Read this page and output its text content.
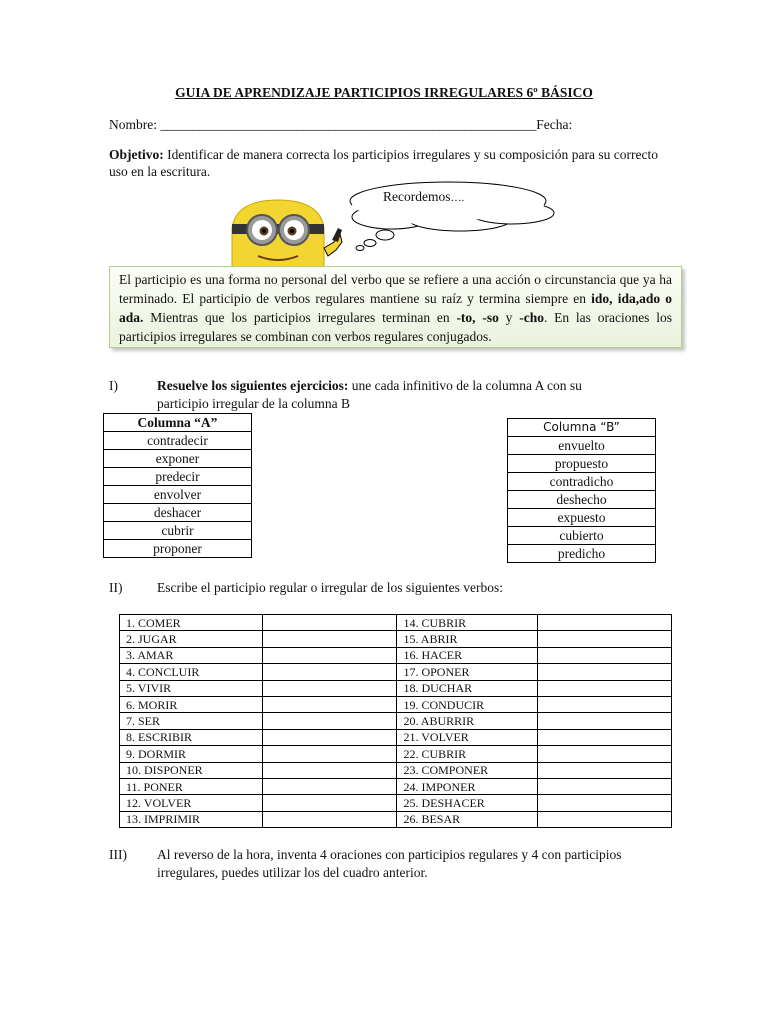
GUIA DE APRENDIZAJE PARTICIPIOS IRREGULARES 6º BÁSICO
Nombre: __________________________________________________________Fecha:
Objetivo: Identificar de manera correcta los participios irregulares y su composición para su correcto uso en la escritura.
Recordemos….
El participio es una forma no personal del verbo que se refiere a una acción o circunstancia que ya ha terminado. El participio de verbos regulares mantiene su raíz y termina siempre en ido, ida,ado o ada. Mientras que los participios irregulares terminan en -to, -so y -cho. En las oraciones los participios irregulares se combinan con verbos regulares conjugados.
I)	Resuelve los siguientes ejercicios: une cada infinitivo de la columna A con su
participio irregular de la columna B
Columna “A”
contradecir
exponer
predecir
envolver
deshacer
cubrir
proponer
Columna “B”
envuelto
propuesto
contradicho
deshecho
expuesto
cubierto
predicho
II)	Escribe el participio regular o irregular de los siguientes verbos:
1. COMER		14. CUBRIR	
2. JUGAR		15. ABRIR	
3. AMAR		16. HACER	
4. CONCLUIR		17. OPONER	
5. VIVIR		18. DUCHAR	
6. MORIR		19. CONDUCIR	
7. SER		20. ABURRIR	
8. ESCRIBIR		21. VOLVER	
9. DORMIR		22. CUBRIR	
10. DISPONER		23. COMPONER	
11. PONER		24. IMPONER	
12. VOLVER		25. DESHACER	
13. IMPRIMIR		26. BESAR	
III) Al reverso de la hora, inventa 4 oraciones con participios regulares y 4 con participios
irregulares, puedes utilizar los del cuadro anterior.
